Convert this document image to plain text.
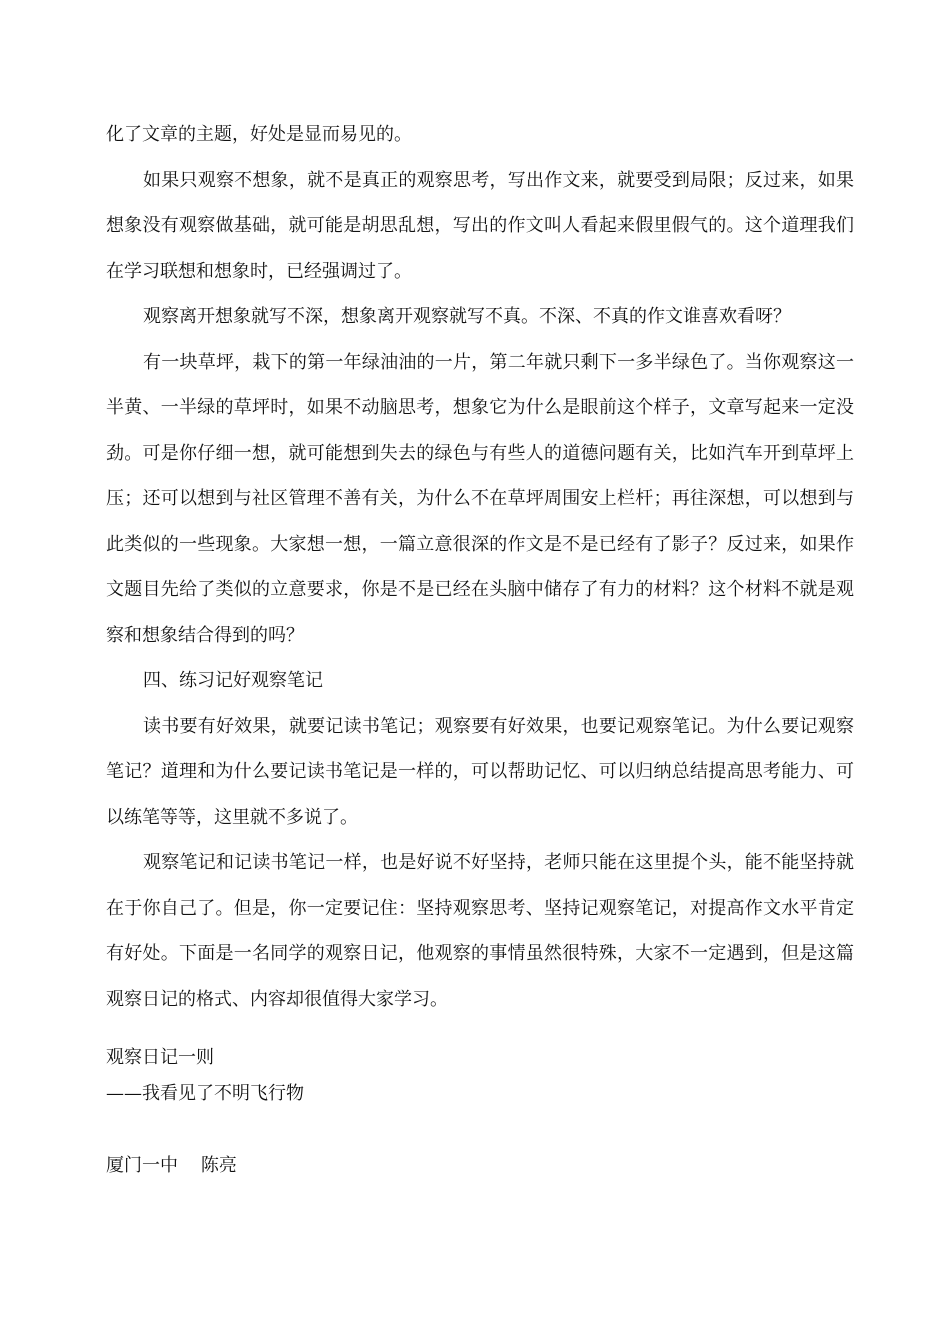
化了文章的主题，好处是显而易见的。

如果只观察不想象，就不是真正的观察思考，写出作文来，就要受到局限；反过来，如果想象没有观察做基础，就可能是胡思乱想，写出的作文叫人看起来假里假气的。这个道理我们在学习联想和想象时，已经强调过了。

观察离开想象就写不深，想象离开观察就写不真。不深、不真的作文谁喜欢看呀？

有一块草坪，栽下的第一年绿油油的一片，第二年就只剩下一多半绿色了。当你观察这一半黄、一半绿的草坪时，如果不动脑思考，想象它为什么是眼前这个样子，文章写起来一定没劲。可是你仔细一想，就可能想到失去的绿色与有些人的道德问题有关，比如汽车开到草坪上压；还可以想到与社区管理不善有关，为什么不在草坪周围安上栏杆；再往深想，可以想到与此类似的一些现象。大家想一想，一篇立意很深的作文是不是已经有了影子？反过来，如果作文题目先给了类似的立意要求，你是不是已经在头脑中储存了有力的材料？这个材料不就是观察和想象结合得到的吗？

四、练习记好观察笔记

读书要有好效果，就要记读书笔记；观察要有好效果，也要记观察笔记。为什么要记观察笔记？道理和为什么要记读书笔记是一样的，可以帮助记忆、可以归纳总结提高思考能力、可以练笔等等，这里就不多说了。

观察笔记和记读书笔记一样，也是好说不好坚持，老师只能在这里提个头，能不能坚持就在于你自己了。但是，你一定要记住：坚持观察思考、坚持记观察笔记，对提高作文水平肯定有好处。下面是一名同学的观察日记，他观察的事情虽然很特殊，大家不一定遇到，但是这篇观察日记的格式、内容却很值得大家学习。

观察日记一则

——我看见了不明飞行物

厦门一中    陈亮
